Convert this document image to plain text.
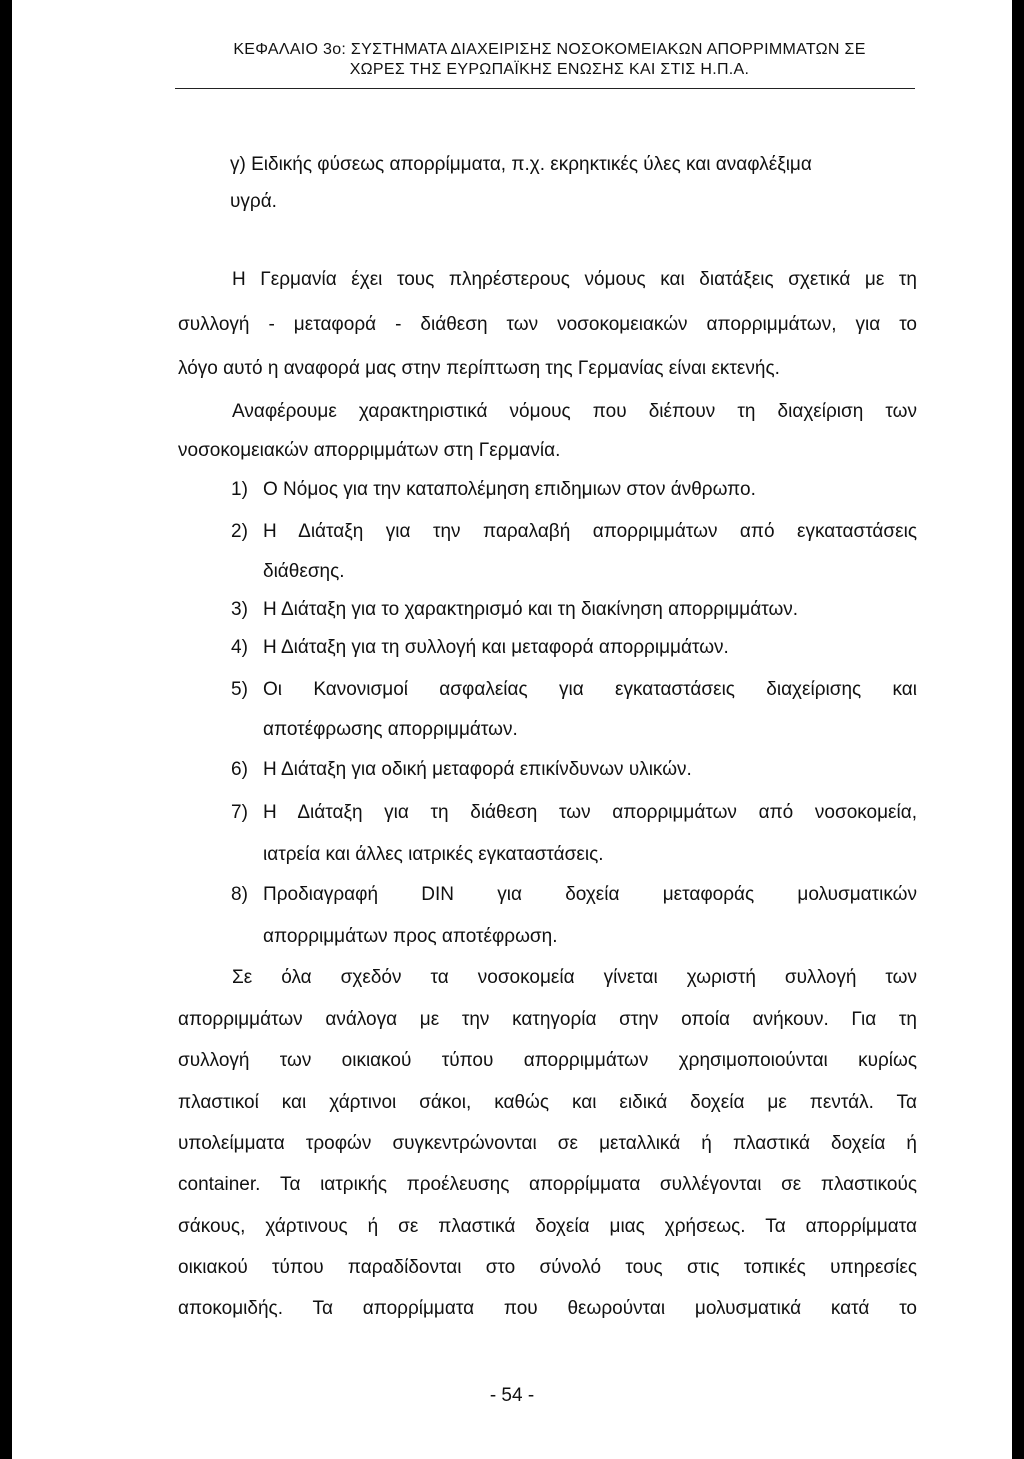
ΚΕΦΑΛΑΙΟ 3ο: ΣΥΣΤΗΜΑΤΑ ΔΙΑΧΕΙΡΙΣΗΣ ΝΟΣΟΚΟΜΕΙΑΚΩΝ ΑΠΟΡΡΙΜΜΑΤΩΝ ΣΕ
ΧΩΡΕΣ ΤΗΣ ΕΥΡΩΠΑΪΚΗΣ ΕΝΩΣΗΣ ΚΑΙ ΣΤΙΣ Η.Π.Α.
γ) Ειδικής φύσεως απορρίμματα, π.χ. εκρηκτικές ύλες και αναφλέξιμα
υγρά.
Η Γερμανία έχει τους πληρέστερους νόμους και διατάξεις σχετικά με τη
συλλογή - μεταφορά - διάθεση των νοσοκομειακών απορριμμάτων, για το
λόγο αυτό η αναφορά μας στην περίπτωση της Γερμανίας είναι εκτενής.
Αναφέρουμε χαρακτηριστικά νόμους που διέπουν τη διαχείριση των
νοσοκομειακών απορριμμάτων στη Γερμανία.
1) Ο Νόμος για την καταπολέμηση επιδημιων στον άνθρωπο.
2) Η Διάταξη για την παραλαβή απορριμμάτων από εγκαταστάσεις
διάθεσης.
3) Η Διάταξη για το χαρακτηρισμό και τη διακίνηση απορριμμάτων.
4) Η Διάταξη για τη συλλογή και μεταφορά απορριμμάτων.
5) Οι Κανονισμοί ασφαλείας για εγκαταστάσεις διαχείρισης και
αποτέφρωσης απορριμμάτων.
6) Η Διάταξη για οδική μεταφορά επικίνδυνων υλικών.
7) Η Διάταξη για τη διάθεση των απορριμμάτων από νοσοκομεία,
ιατρεία και άλλες ιατρικές εγκαταστάσεις.
8) Προδιαγραφή DIN για δοχεία μεταφοράς μολυσματικών
απορριμμάτων προς αποτέφρωση.
Σε όλα σχεδόν τα νοσοκομεία γίνεται χωριστή συλλογή των
απορριμμάτων ανάλογα με την κατηγορία στην οποία ανήκουν. Για τη
συλλογή των οικιακού τύπου απορριμμάτων χρησιμοποιούνται κυρίως
πλαστικοί και χάρτινοι σάκοι, καθώς και ειδικά δοχεία με πεντάλ. Τα
υπολείμματα τροφών συγκεντρώνονται σε μεταλλικά ή πλαστικά δοχεία ή
container. Τα ιατρικής προέλευσης απορρίμματα συλλέγονται σε πλαστικούς
σάκους, χάρτινους ή σε πλαστικά δοχεία μιας χρήσεως. Τα απορρίμματα
οικιακού τύπου παραδίδονται στο σύνολό τους στις τοπικές υπηρεσίες
αποκομιδής. Τα απορρίμματα που θεωρούνται μολυσματικά κατά το
- 54 -
